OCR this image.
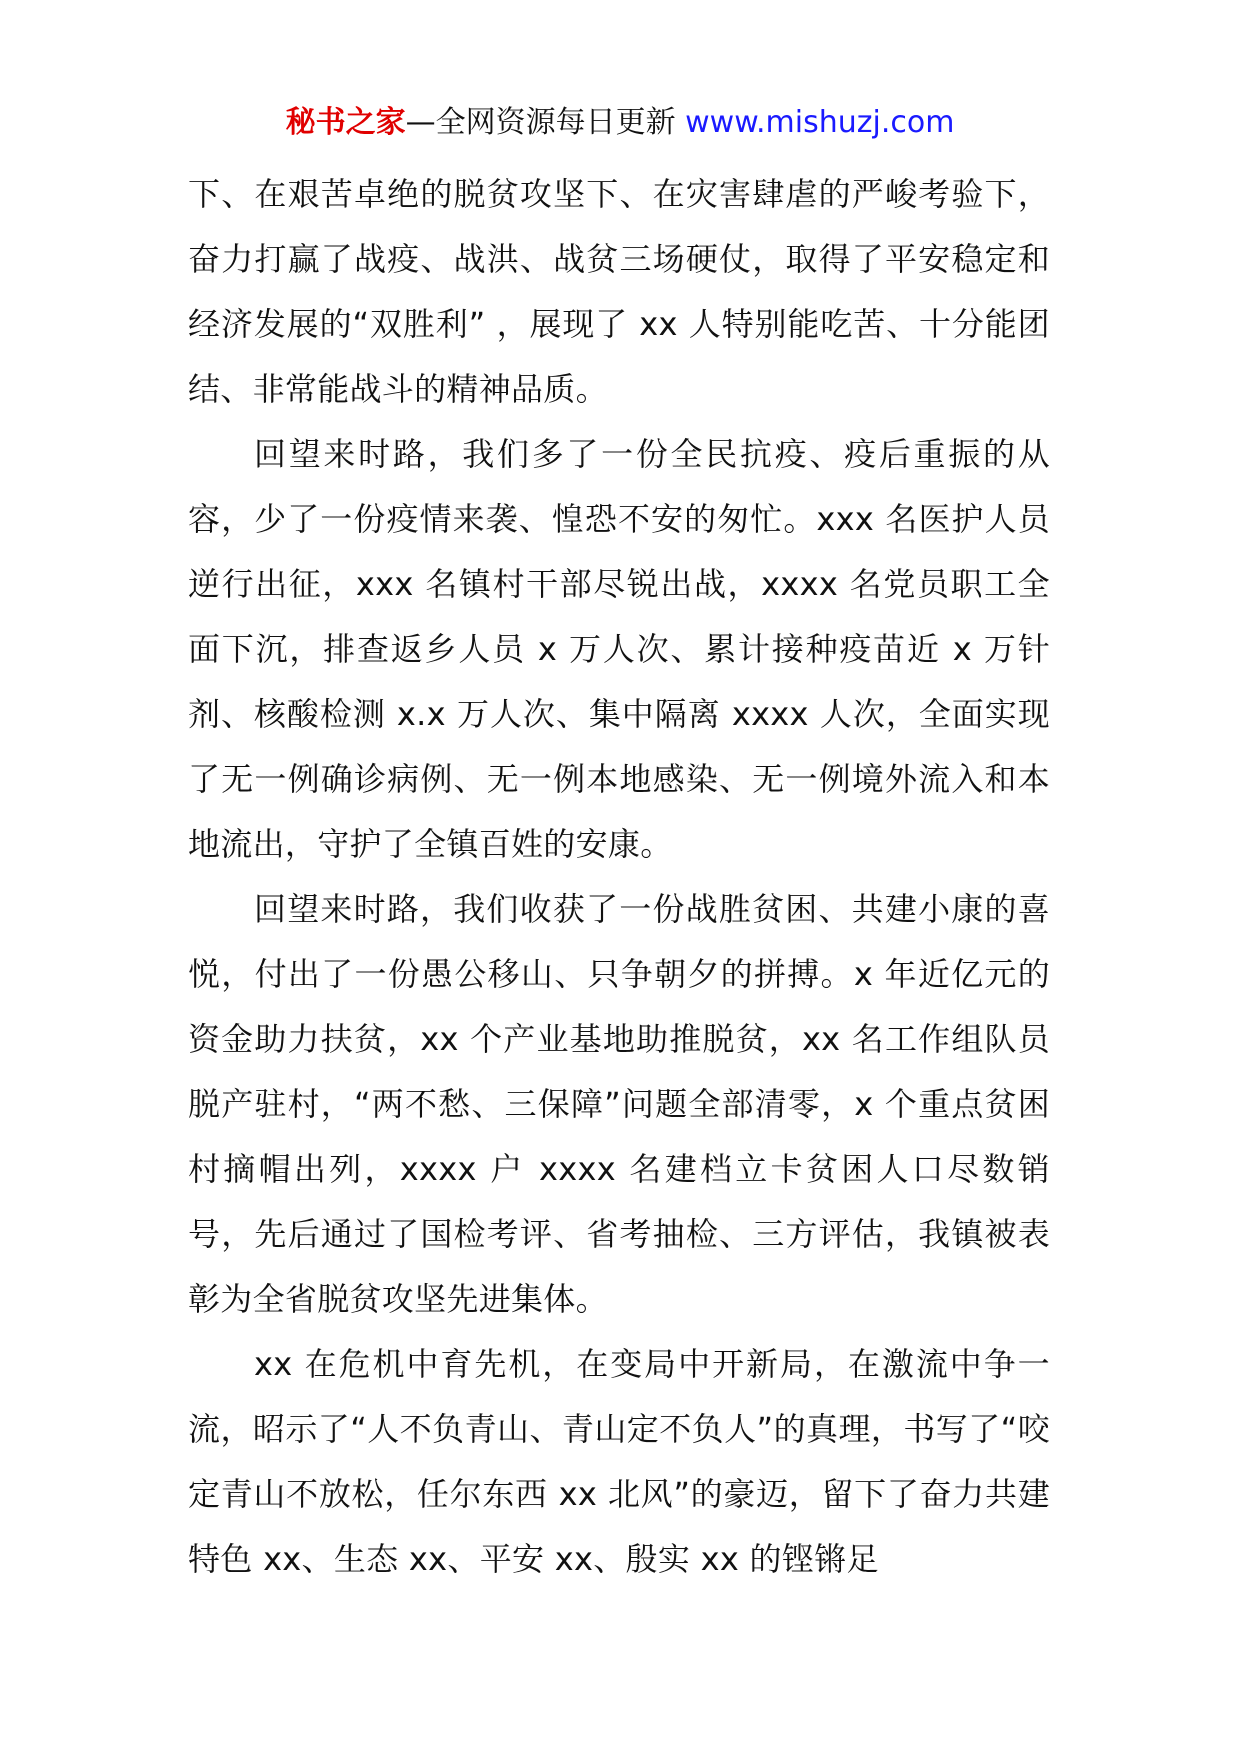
秘书之家—全网资源每日更新 www.mishuzj.com

下、在艰苦卓绝的脱贫攻坚下、在灾害肆虐的严峻考验下，奋力打赢了战疫、战洪、战贫三场硬仗，取得了平安稳定和经济发展的“双胜利” ，展现了 xx 人特别能吃苦、十分能团结、非常能战斗的精神品质。

回望来时路，我们多了一份全民抗疫、疫后重振的从容，少了一份疫情来袭、惶恐不安的匆忙。xxx 名医护人员逆行出征，xxx 名镇村干部尽锐出战，xxxx 名党员职工全面下沉，排查返乡人员 x 万人次、累计接种疫苗近 x 万针剂、核酸检测 x.x 万人次、集中隔离 xxxx 人次，全面实现了无一例确诊病例、无一例本地感染、无一例境外流入和本地流出，守护了全镇百姓的安康。

回望来时路，我们收获了一份战胜贫困、共建小康的喜悦，付出了一份愚公移山、只争朝夕的拼搏。x 年近亿元的资金助力扶贫，xx 个产业基地助推脱贫，xx 名工作组队员脱产驻村，“两不愁、三保障”问题全部清零，x 个重点贫困村摘帽出列，xxxx 户 xxxx 名建档立卡贫困人口尽数销号，先后通过了国检考评、省考抽检、三方评估，我镇被表彰为全省脱贫攻坚先进集体。

xx 在危机中育先机，在变局中开新局，在激流中争一流，昭示了“人不负青山、青山定不负人”的真理，书写了“咬定青山不放松，任尔东西 xx 北风”的豪迈，留下了奋力共建特色 xx、生态 xx、平安 xx、殷实 xx 的铿锵足
